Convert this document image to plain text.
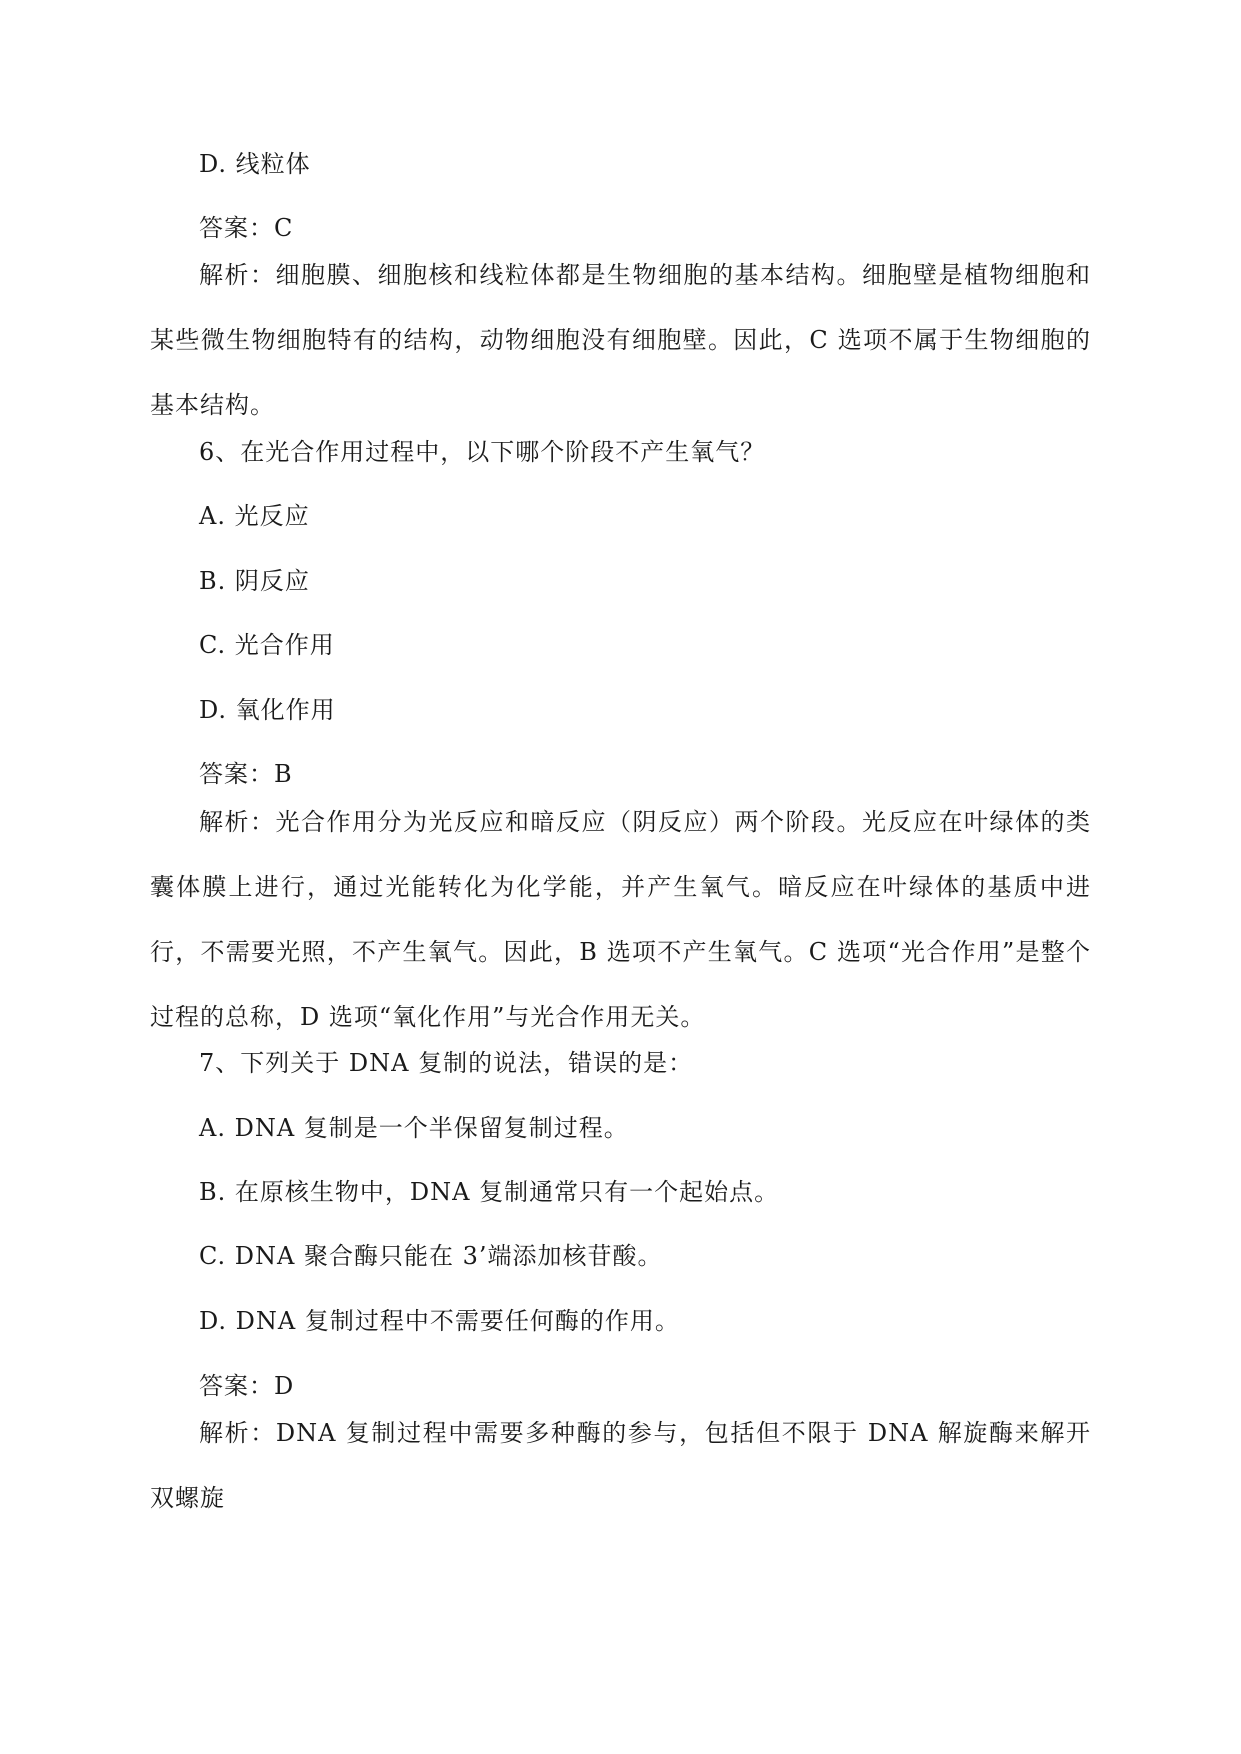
D. 线粒体
答案：C

解析：细胞膜、细胞核和线粒体都是生物细胞的基本结构。细胞壁是植物细胞和某些微生物细胞特有的结构，动物细胞没有细胞壁。因此，C 选项不属于生物细胞的基本结构。

6、在光合作用过程中，以下哪个阶段不产生氧气？
A. 光反应
B. 阴反应
C. 光合作用
D. 氧化作用
答案：B

解析：光合作用分为光反应和暗反应（阴反应）两个阶段。光反应在叶绿体的类囊体膜上进行，通过光能转化为化学能，并产生氧气。暗反应在叶绿体的基质中进行，不需要光照，不产生氧气。因此，B 选项不产生氧气。C 选项“光合作用”是整个过程的总称，D 选项“氧化作用”与光合作用无关。

7、下列关于 DNA 复制的说法，错误的是：
A. DNA 复制是一个半保留复制过程。
B. 在原核生物中，DNA 复制通常只有一个起始点。
C. DNA 聚合酶只能在 3’端添加核苷酸。
D. DNA 复制过程中不需要任何酶的作用。
答案：D

解析：DNA 复制过程中需要多种酶的参与，包括但不限于 DNA 解旋酶来解开双螺旋
